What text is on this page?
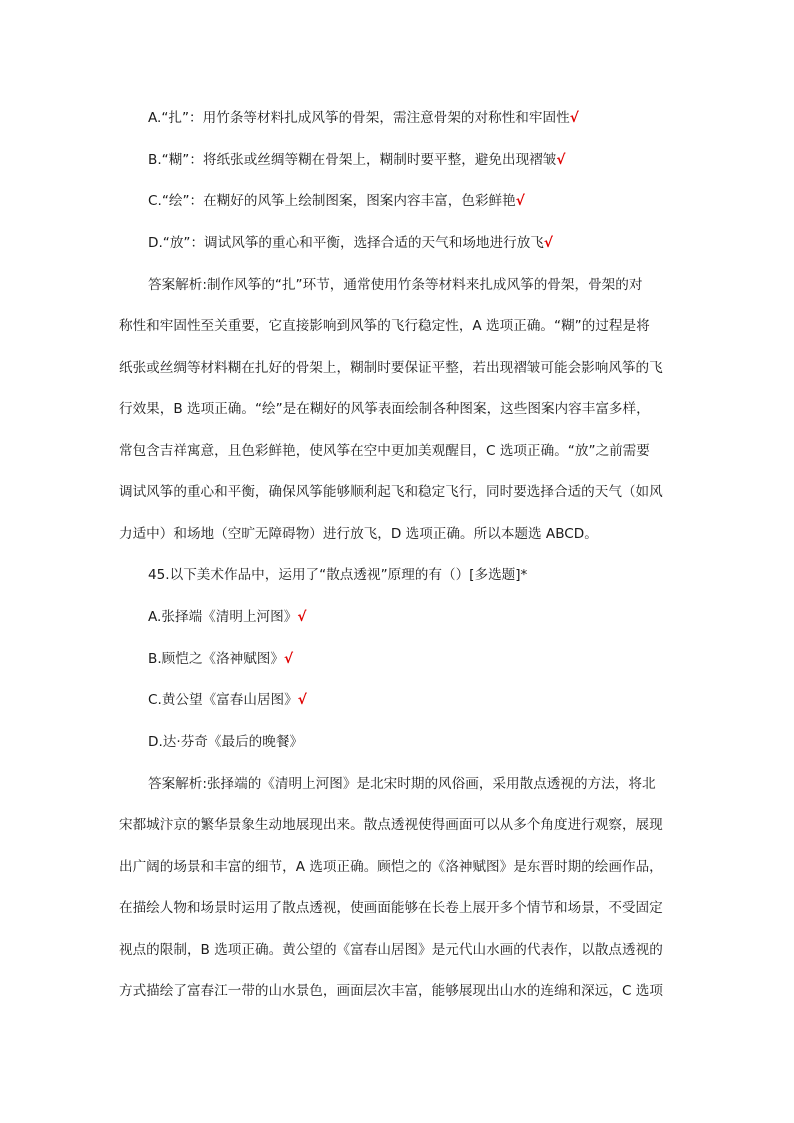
A.“扎”：用竹条等材料扎成风筝的骨架，需注意骨架的对称性和牢固性√
B.“糊”：将纸张或丝绸等糊在骨架上，糊制时要平整，避免出现褶皱√
C.“绘”：在糊好的风筝上绘制图案，图案内容丰富，色彩鲜艳√
D.“放”：调试风筝的重心和平衡，选择合适的天气和场地进行放飞√
答案解析:制作风筝的“扎”环节，通常使用竹条等材料来扎成风筝的骨架，骨架的对
称性和牢固性至关重要，它直接影响到风筝的飞行稳定性，A 选项正确。“糊”的过程是将
纸张或丝绸等材料糊在扎好的骨架上，糊制时要保证平整，若出现褶皱可能会影响风筝的飞
行效果，B 选项正确。“绘”是在糊好的风筝表面绘制各种图案，这些图案内容丰富多样，
常包含吉祥寓意，且色彩鲜艳，使风筝在空中更加美观醒目，C 选项正确。“放”之前需要
调试风筝的重心和平衡，确保风筝能够顺利起飞和稳定飞行，同时要选择合适的天气（如风
力适中）和场地（空旷无障碍物）进行放飞，D 选项正确。所以本题选 ABCD。
45.以下美术作品中，运用了“散点透视”原理的有（）[多选题]*
A.张择端《清明上河图》√
B.顾恺之《洛神赋图》√
C.黄公望《富春山居图》√
D.达·芬奇《最后的晚餐》
答案解析:张择端的《清明上河图》是北宋时期的风俗画，采用散点透视的方法，将北
宋都城汴京的繁华景象生动地展现出来。散点透视使得画面可以从多个角度进行观察，展现
出广阔的场景和丰富的细节，A 选项正确。顾恺之的《洛神赋图》是东晋时期的绘画作品，
在描绘人物和场景时运用了散点透视，使画面能够在长卷上展开多个情节和场景，不受固定
视点的限制，B 选项正确。黄公望的《富春山居图》是元代山水画的代表作，以散点透视的
方式描绘了富春江一带的山水景色，画面层次丰富，能够展现出山水的连绵和深远，C 选项
